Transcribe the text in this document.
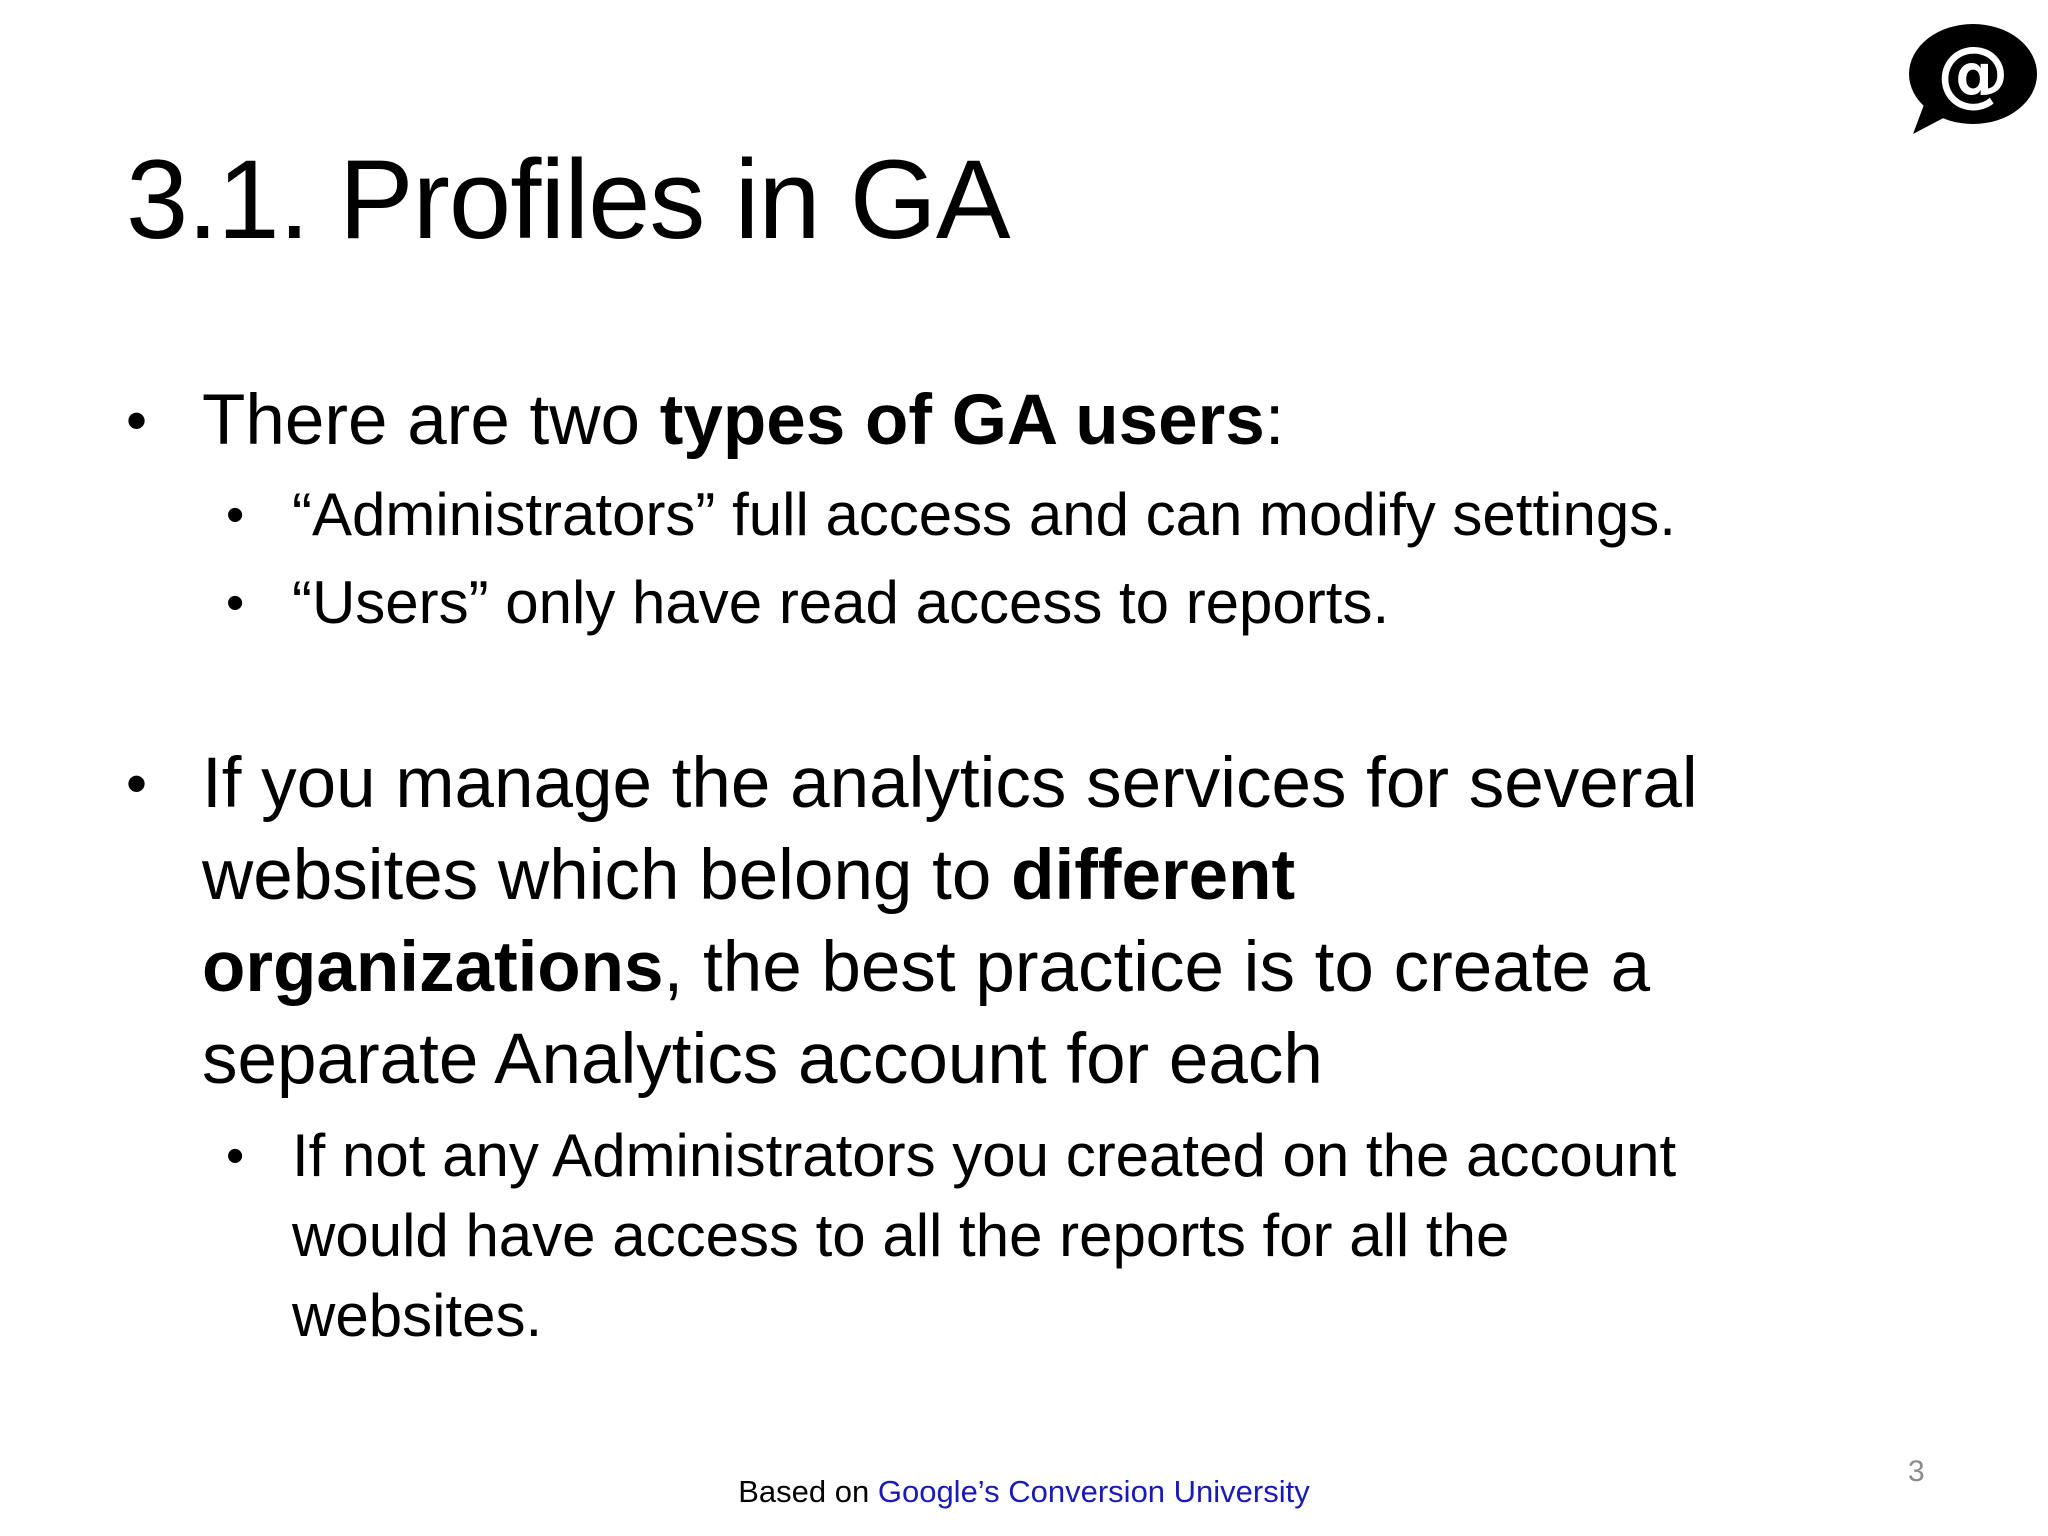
@
3.1. Profiles in GA
• There are two types of GA users:
• “Administrators” full access and can modify settings.
• “Users” only have read access to reports.
• If you manage the analytics services for several
websites which belong to different
organizations, the best practice is to create a
separate Analytics account for each
• If not any Administrators you created on the account
would have access to all the reports for all the
websites.
Based on Google’s Conversion University
3
